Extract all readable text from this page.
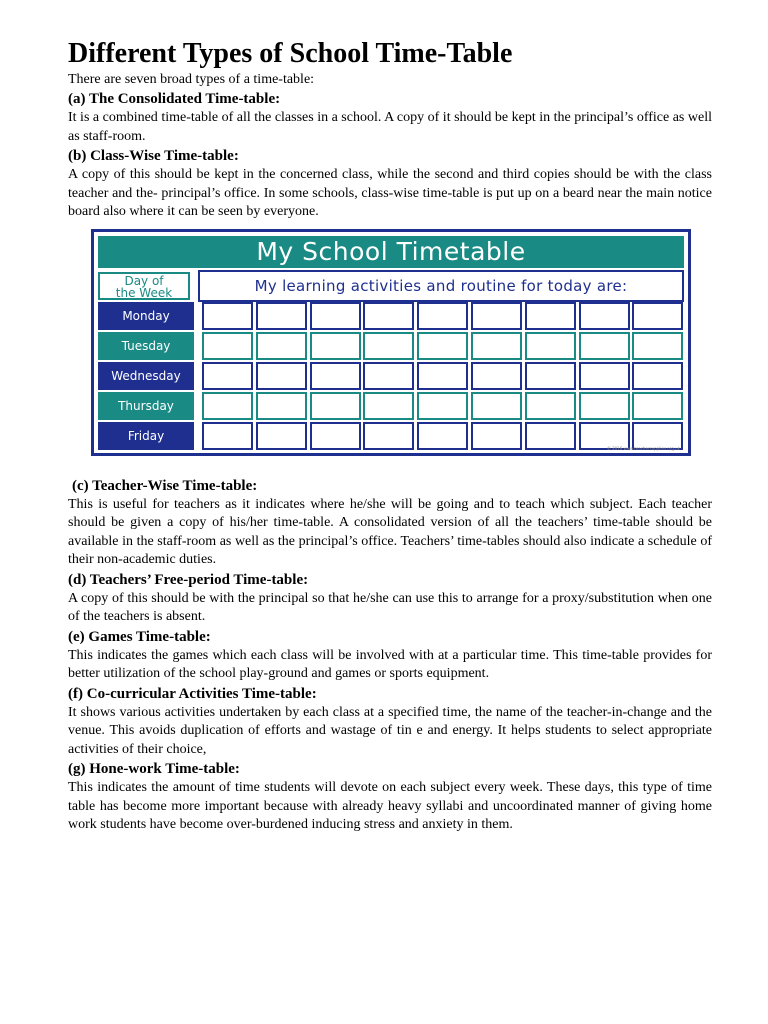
Different Types of School Time-Table
There are seven broad types of a time-table:
(a) The Consolidated Time-table:
It is a combined time-table of all the classes in a school. A copy of it should be kept in the principal’s office as well as staff-room.
(b) Class-Wise Time-table:
A copy of this should be kept in the concerned class, while the second and third copies should be with the class teacher and the- principal’s office. In some schools, class-wise time-table is put up on a beard near the main notice board also where it can be seen by everyone.
(c) Teacher-Wise Time-table:
This is useful for teachers as it indicates where he/she will be going and to teach which subject. Each teacher should be given a copy of his/her time-table. A consolidated version of all the teachers’ time-table should be available in the staff-room as well as the principal’s office. Teachers’ time-tables should also indicate a schedule of their non-academic duties.
(d) Teachers’ Free-period Time-table:
A copy of this should be with the principal so that he/she can use this to arrange for a proxy/substitution when one of the teachers is absent.
(e) Games Time-table:
This indicates the games which each class will be involved with at a particular time. This time-table provides for better utilization of the school play-ground and games or sports equipment.
(f) Co-curricular Activities Time-table:
It shows various activities undertaken by each class at a specified time, the name of the teacher-in-change and the venue. This avoids duplication of efforts and wastage of tin e and energy. It helps students to select appropriate activities of their choice,
(g) Hone-work Time-table:
This indicates the amount of time students will devote on each subject every week. These days, this type of time table has become more important because with already heavy syllabi and uncoordinated manner of giving home work students have become over-burdened inducing stress and anxiety in them.
My School Timetable
Day of
the Week	My learning activities and routine for today are:
Monday
Tuesday
Wednesday
Thursday
Friday
© 2016 www.teachersupplies.org.uk
